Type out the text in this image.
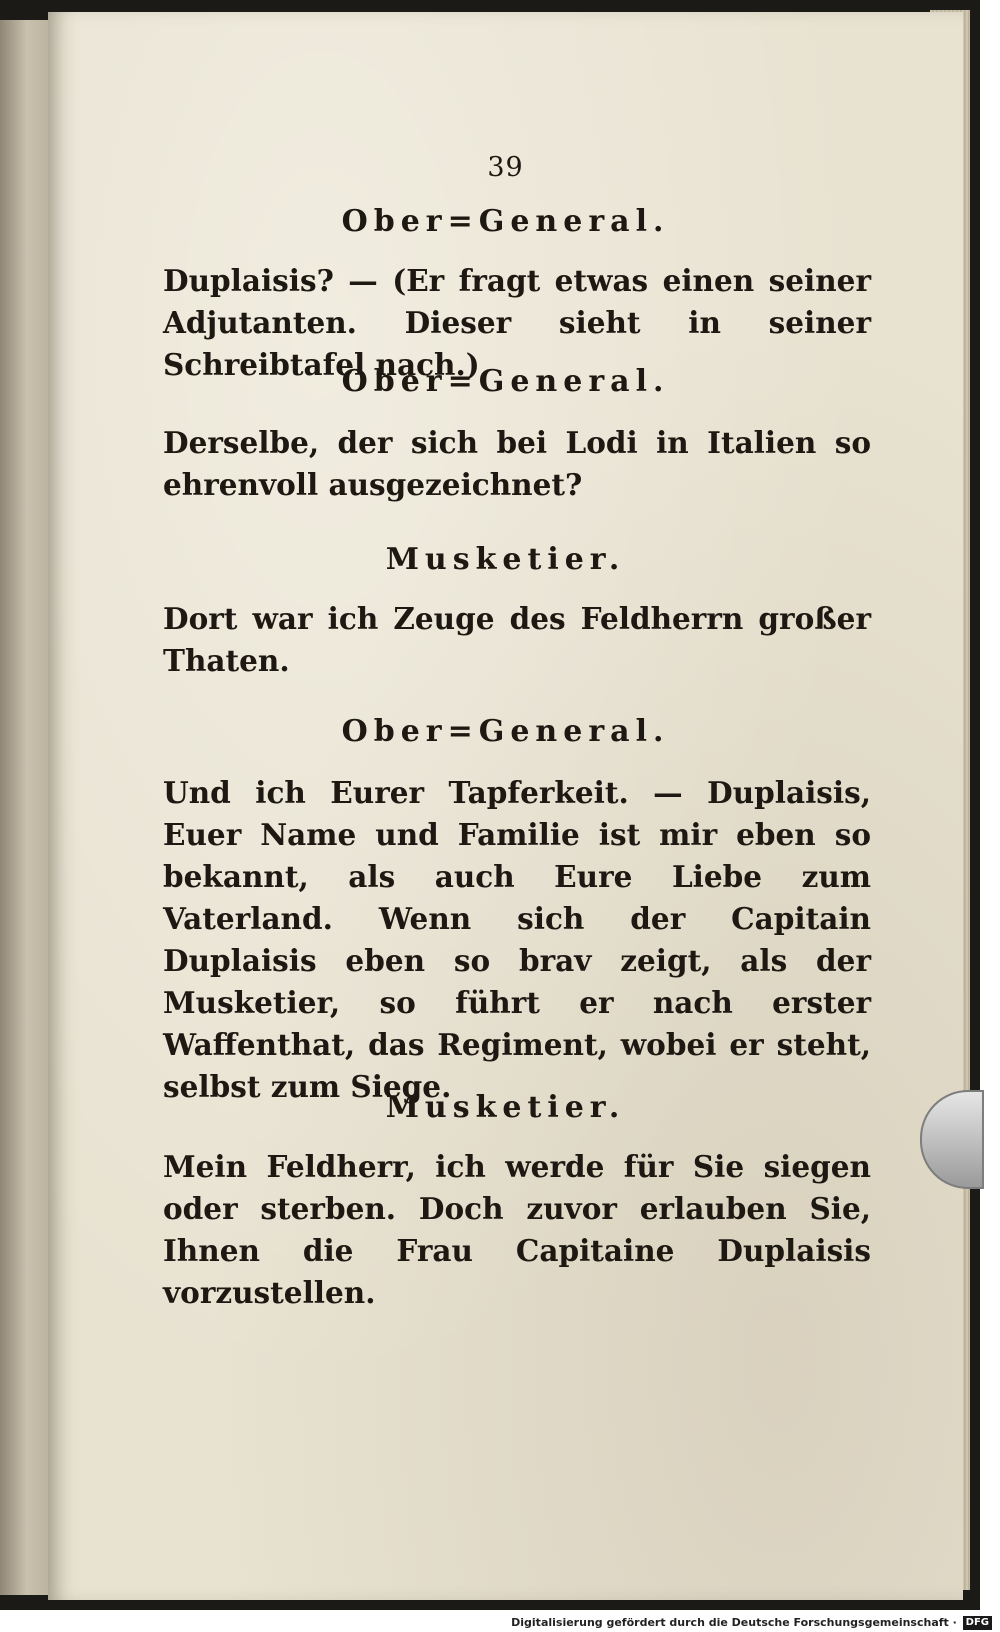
39
Ober=General.
Duplaisis? — (Er fragt etwas einen seiner Adjutanten. Dieser sieht in seiner Schreibtafel nach.)
Ober=General.
Derselbe, der sich bei Lodi in Italien so ehrenvoll ausgezeichnet?
Musketier.
Dort war ich Zeuge des Feldherrn großer Thaten.
Ober=General.
Und ich Eurer Tapferkeit. — Duplaisis, Euer Name und Familie ist mir eben so bekannt, als auch Eure Liebe zum Vaterland. Wenn sich der Capitain Duplaisis eben so brav zeigt, als der Musketier, so führt er nach erster Waffenthat, das Regiment, wobei er steht, selbst zum Siege.
Musketier.
Mein Feldherr, ich werde für Sie siegen oder sterben. Doch zuvor erlauben Sie, Ihnen die Frau Capitaine Duplaisis vorzustellen.
Digitalisierung gefördert durch die Deutsche Forschungsgemeinschaft · DFG
